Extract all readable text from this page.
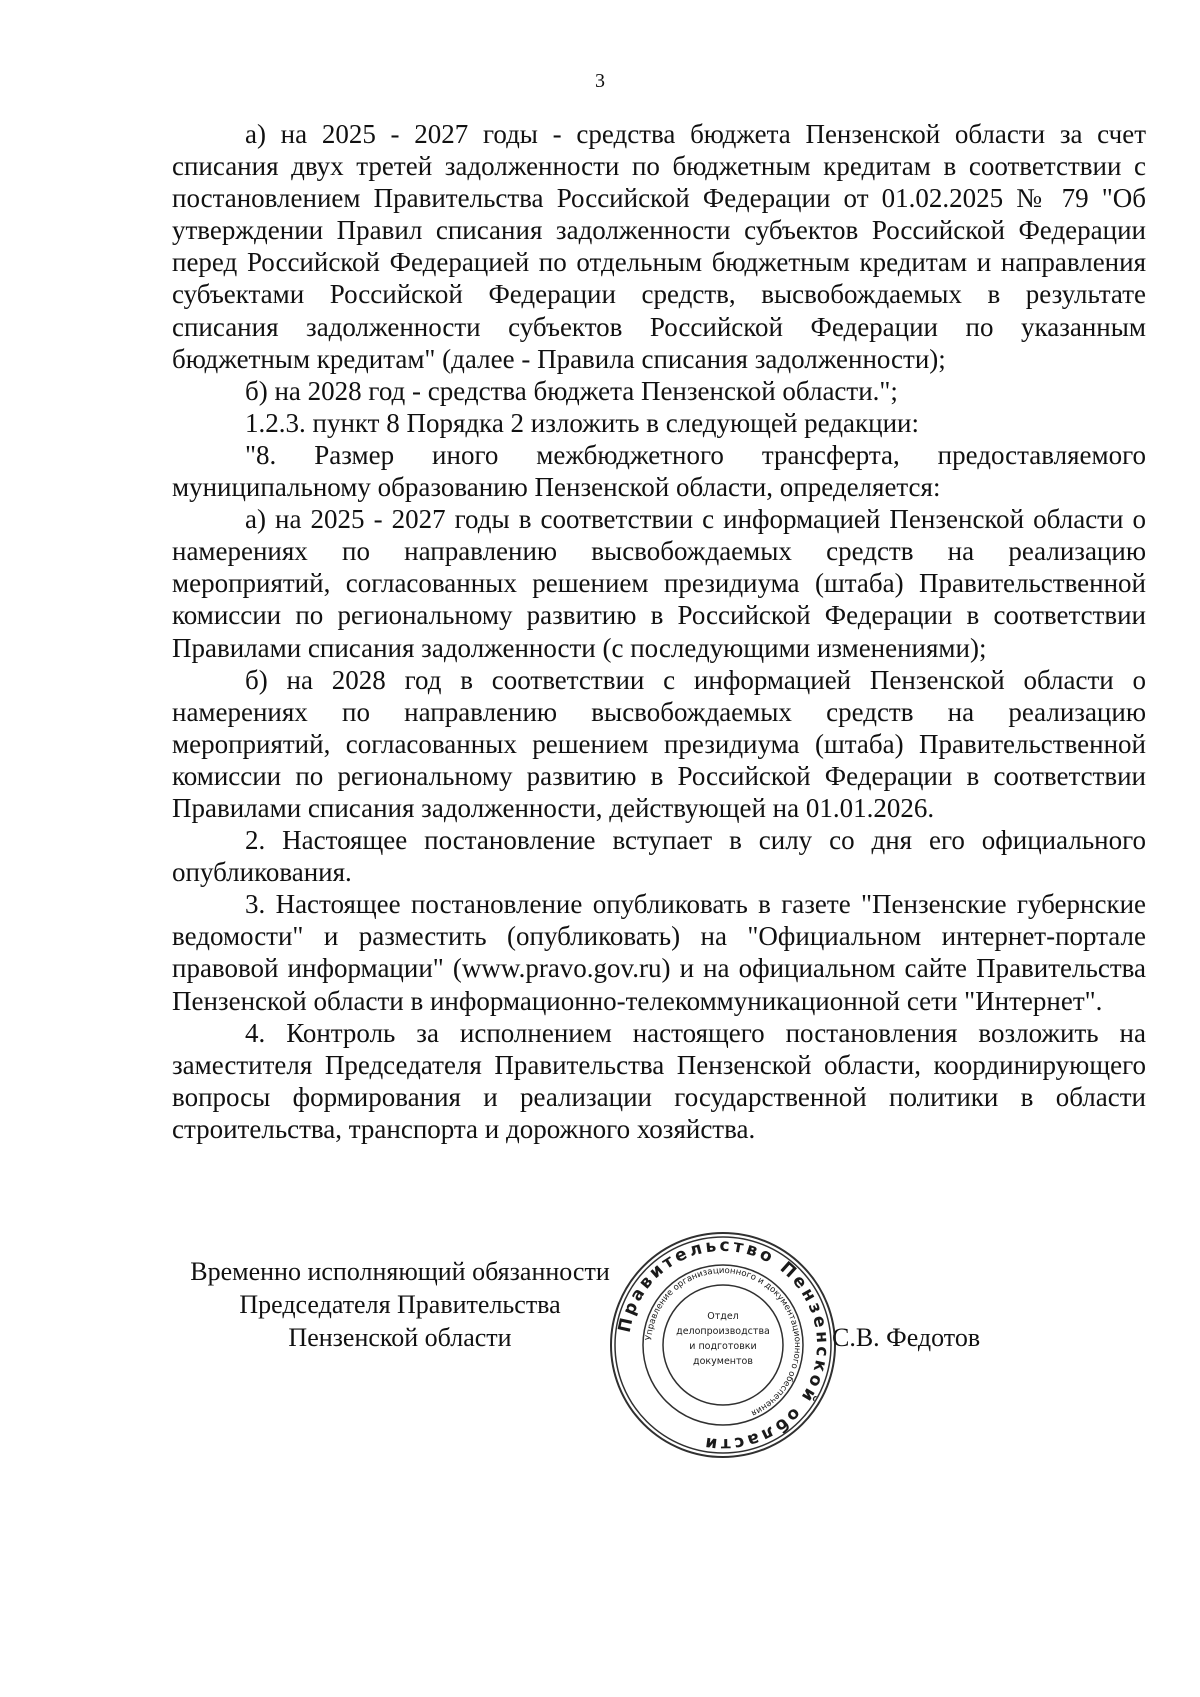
3

а) на 2025 - 2027 годы - средства бюджета Пензенской области за счет списания двух третей задолженности по бюджетным кредитам в соответствии с постановлением Правительства Российской Федерации от 01.02.2025 № 79 "Об утверждении Правил списания задолженности субъектов Российской Федерации перед Российской Федерацией по отдельным бюджетным кредитам и направления субъектами Российской Федерации средств, высвобождаемых в результате списания задолженности субъектов Российской Федерации по указанным бюджетным кредитам" (далее - Правила списания задолженности);

б) на 2028 год - средства бюджета Пензенской области.";

1.2.3. пункт 8 Порядка 2 изложить в следующей редакции:

"8. Размер иного межбюджетного трансферта, предоставляемого муниципальному образованию Пензенской области, определяется:

а) на 2025 - 2027 годы в соответствии с информацией Пензенской области о намерениях по направлению высвобождаемых средств на реализацию мероприятий, согласованных решением президиума (штаба) Правительственной комиссии по региональному развитию в Российской Федерации в соответствии Правилами списания задолженности (с последующими изменениями);

б) на 2028 год в соответствии с информацией Пензенской области о намерениях по направлению высвобождаемых средств на реализацию мероприятий, согласованных решением президиума (штаба) Правительственной комиссии по региональному развитию в Российской Федерации в соответствии Правилами списания задолженности, действующей на 01.01.2026.

2. Настоящее постановление вступает в силу со дня его официального опубликования.

3. Настоящее постановление опубликовать в газете "Пензенские губернские ведомости" и разместить (опубликовать) на "Официальном интернет-портале правовой информации" (www.pravo.gov.ru) и на официальном сайте Правительства Пензенской области в информационно-телекоммуникационной сети "Интернет".

4. Контроль за исполнением настоящего постановления возложить на заместителя Председателя Правительства Пензенской области, координирующего вопросы формирования и реализации государственной политики в области строительства, транспорта и дорожного хозяйства.

Временно исполняющий обязанности
Председателя Правительства
Пензенской области	С.В. Федотов
Правительство Пензенской области
Управление организационного и документационного обеспечения
Отдел
делопроизводства
и подготовки
документов
